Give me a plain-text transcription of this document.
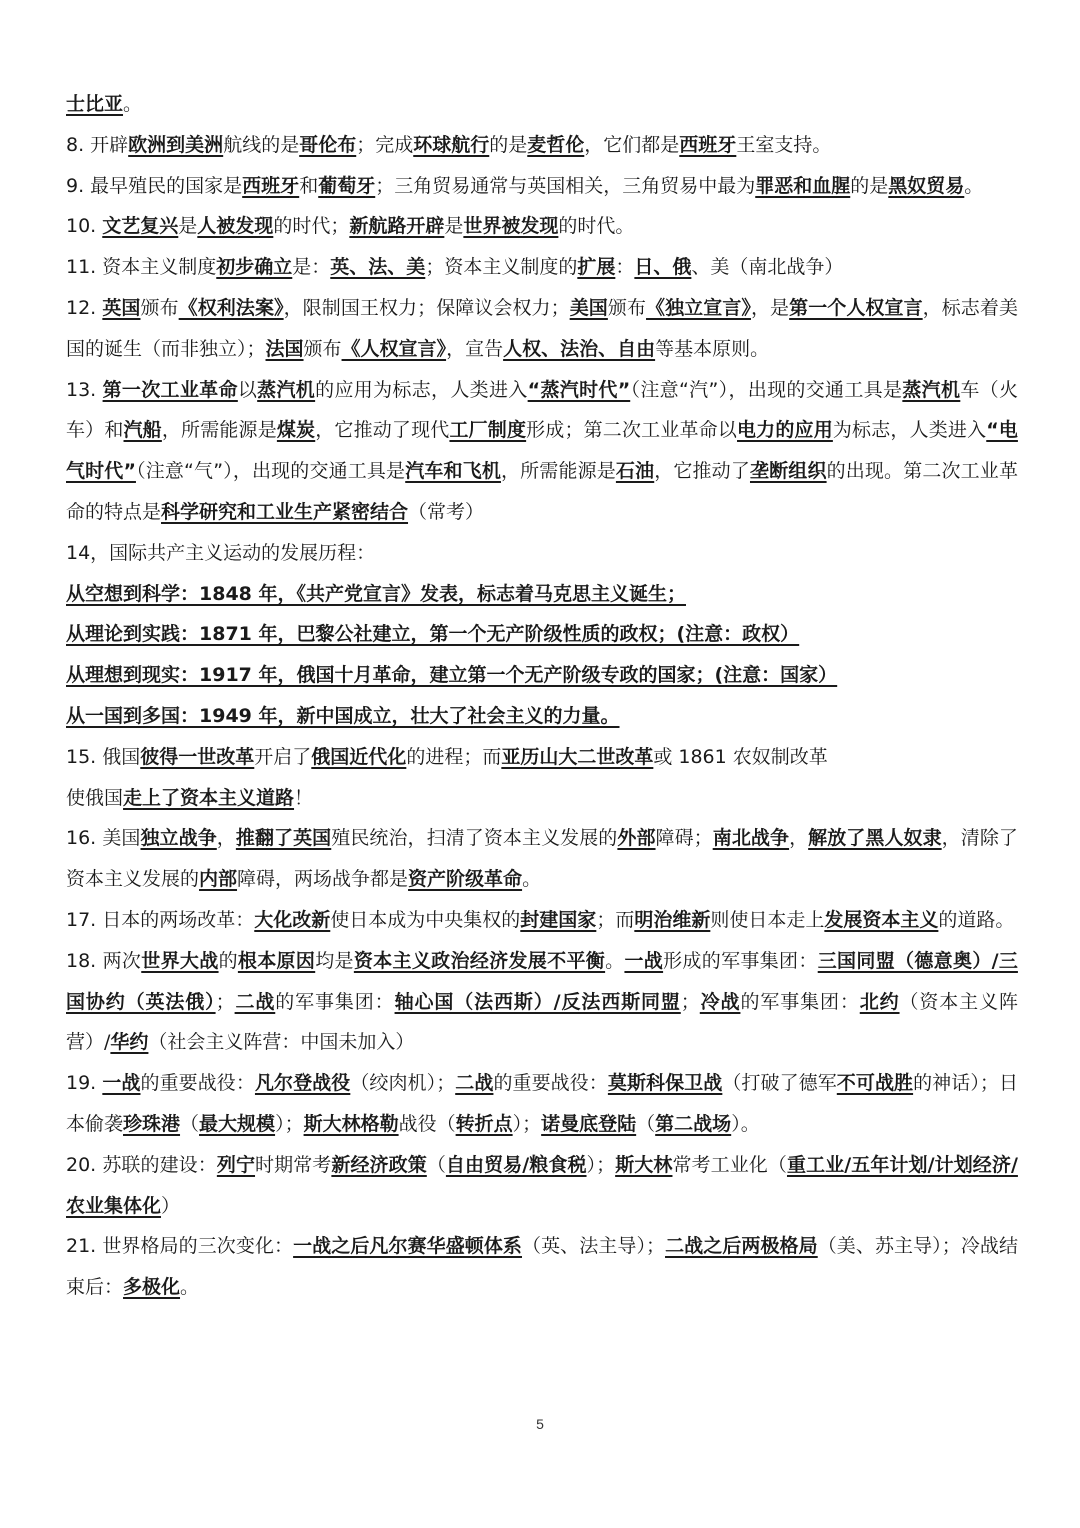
士比亚。

8. 开辟欧洲到美洲航线的是哥伦布；完成环球航行的是麦哲伦，它们都是西班牙王室支持。

9. 最早殖民的国家是西班牙和葡萄牙；三角贸易通常与英国相关，三角贸易中最为罪恶和血腥的是黑奴贸易。

10. 文艺复兴是人被发现的时代；新航路开辟是世界被发现的时代。

11. 资本主义制度初步确立是：英、法、美；资本主义制度的扩展：日、俄、美（南北战争）

12. 英国颁布《权利法案》，限制国王权力；保障议会权力；美国颁布《独立宣言》，是第一个人权宣言，标志着美国的诞生（而非独立）；法国颁布《人权宣言》，宣告人权、法治、自由等基本原则。

13. 第一次工业革命以蒸汽机的应用为标志，人类进入“蒸汽时代”（注意“汽”），出现的交通工具是蒸汽机车（火车）和汽船，所需能源是煤炭，它推动了现代工厂制度形成；第二次工业革命以电力的应用为标志，人类进入“电气时代”（注意“气”），出现的交通工具是汽车和飞机，所需能源是石油，它推动了垄断组织的出现。第二次工业革命的特点是科学研究和工业生产紧密结合（常考）

14，国际共产主义运动的发展历程：

从空想到科学：1848 年，《共产党宣言》发表，标志着马克思主义诞生；

从理论到实践：1871 年，巴黎公社建立，第一个无产阶级性质的政权；(注意：政权）

从理想到现实：1917 年，俄国十月革命，建立第一个无产阶级专政的国家；(注意：国家）

从一国到多国：1949 年，新中国成立，壮大了社会主义的力量。

15. 俄国彼得一世改革开启了俄国近代化的进程；而亚历山大二世改革或 1861 农奴制改革

使俄国走上了资本主义道路！

16. 美国独立战争，推翻了英国殖民统治，扫清了资本主义发展的外部障碍；南北战争，解放了黑人奴隶，清除了资本主义发展的内部障碍，两场战争都是资产阶级革命。

17. 日本的两场改革：大化改新使日本成为中央集权的封建国家；而明治维新则使日本走上发展资本主义的道路。

18. 两次世界大战的根本原因均是资本主义政治经济发展不平衡。一战形成的军事集团：三国同盟（德意奥）/三国协约（英法俄）；二战的军事集团：轴心国（法西斯）/反法西斯同盟；冷战的军事集团：北约（资本主义阵营）/华约（社会主义阵营：中国未加入）

19. 一战的重要战役：凡尔登战役（绞肉机）；二战的重要战役：莫斯科保卫战（打破了德军不可战胜的神话）；日本偷袭珍珠港（最大规模）；斯大林格勒战役（转折点）；诺曼底登陆（第二战场）。

20. 苏联的建设：列宁时期常考新经济政策（自由贸易/粮食税）；斯大林常考工业化（重工业/五年计划/计划经济/农业集体化）

21. 世界格局的三次变化：一战之后凡尔赛华盛顿体系（英、法主导）；二战之后两极格局（美、苏主导）；冷战结束后：多极化。

5
